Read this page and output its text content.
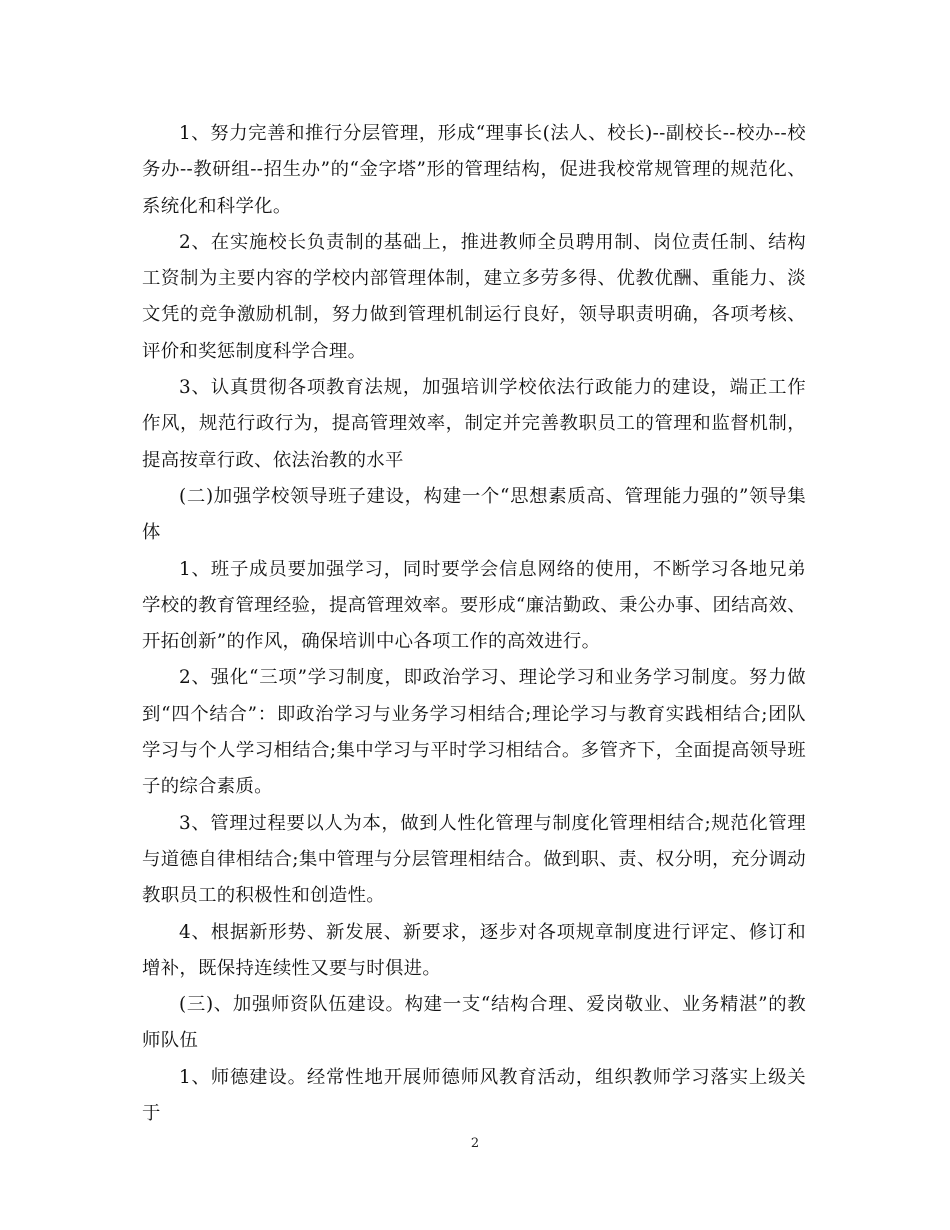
1、努力完善和推行分层管理，形成“理事长(法人、校长)--副校长--校办--校务办--教研组--招生办”的“金字塔”形的管理结构，促进我校常规管理的规范化、系统化和科学化。

2、在实施校长负责制的基础上，推进教师全员聘用制、岗位责任制、结构工资制为主要内容的学校内部管理体制，建立多劳多得、优教优酬、重能力、淡文凭的竞争激励机制，努力做到管理机制运行良好，领导职责明确，各项考核、评价和奖惩制度科学合理。

3、认真贯彻各项教育法规，加强培训学校依法行政能力的建设，端正工作作风，规范行政行为，提高管理效率，制定并完善教职员工的管理和监督机制，提高按章行政、依法治教的水平

(二)加强学校领导班子建设，构建一个“思想素质高、管理能力强的”领导集体

1、班子成员要加强学习，同时要学会信息网络的使用，不断学习各地兄弟学校的教育管理经验，提高管理效率。要形成“廉洁勤政、秉公办事、团结高效、开拓创新”的作风，确保培训中心各项工作的高效进行。

2、强化“三项”学习制度，即政治学习、理论学习和业务学习制度。努力做到“四个结合”：即政治学习与业务学习相结合;理论学习与教育实践相结合;团队学习与个人学习相结合;集中学习与平时学习相结合。多管齐下，全面提高领导班子的综合素质。

3、管理过程要以人为本，做到人性化管理与制度化管理相结合;规范化管理与道德自律相结合;集中管理与分层管理相结合。做到职、责、权分明，充分调动教职员工的积极性和创造性。

4、根据新形势、新发展、新要求，逐步对各项规章制度进行评定、修订和增补，既保持连续性又要与时俱进。

(三)、加强师资队伍建设。构建一支“结构合理、爱岗敬业、业务精湛”的教师队伍

1、师德建设。经常性地开展师德师风教育活动，组织教师学习落实上级关于

2
